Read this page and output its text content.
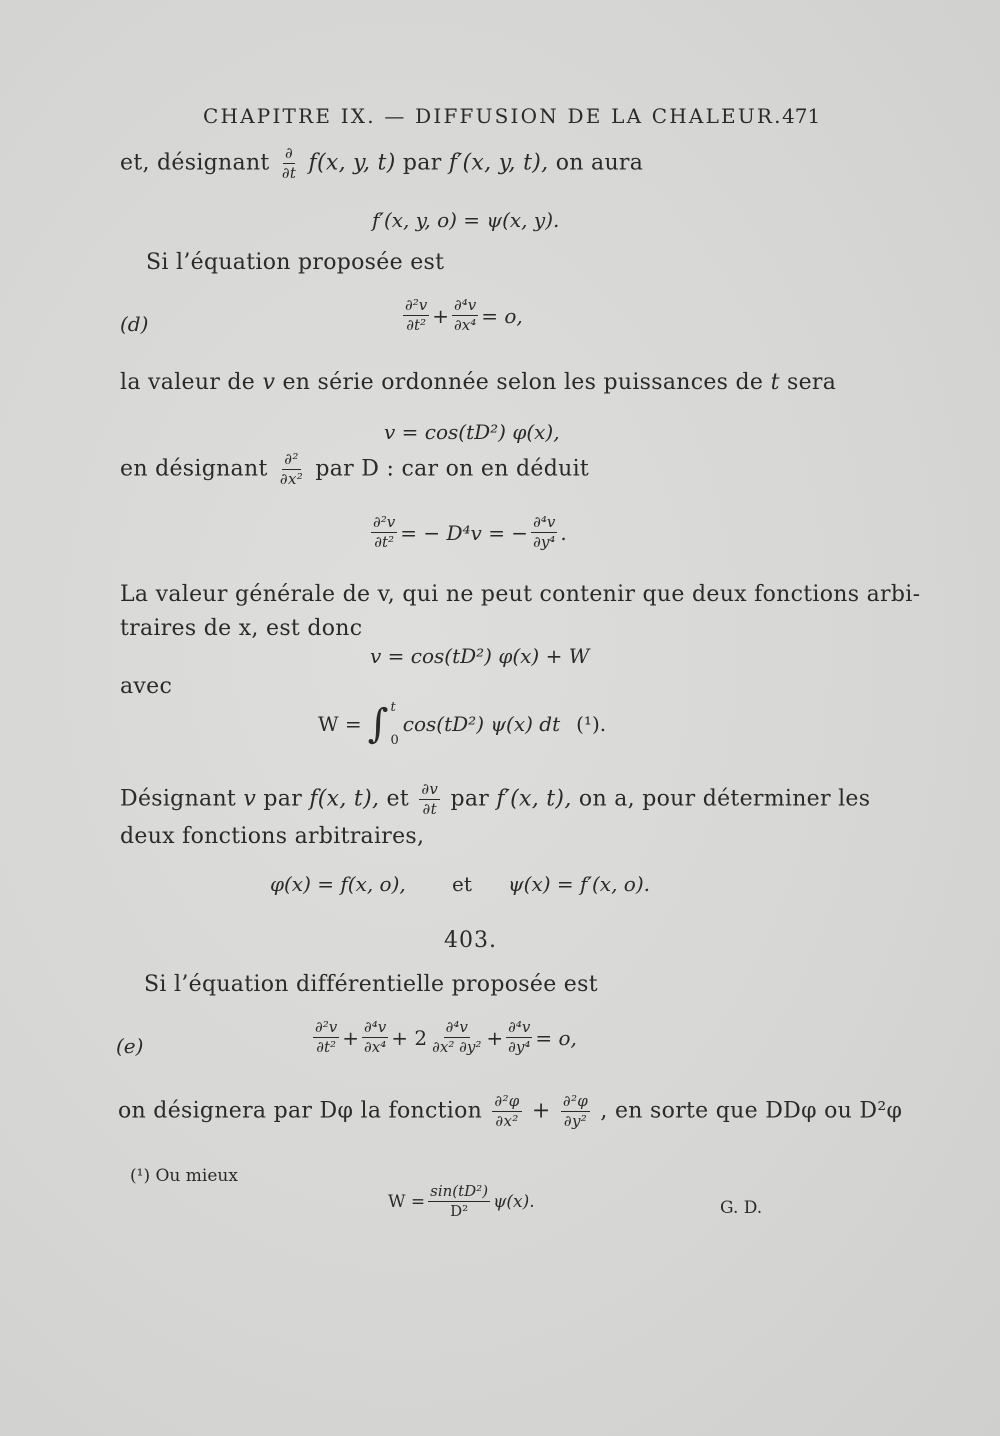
CHAPITRE IX. — DIFFUSION DE LA CHALEUR. 471
et, désignant $\frac{\partial}{\partial t} f(x$, y, t) par f′(x, y, t), on aura
f′(x, y, o) = ψ(x, y).
Si l’équation proposée est
(d)	$\frac{\text{∂²v}}{\text{∂t²}} + \frac{\text{∂⁴v}}{\text{∂x⁴}} = o$,
la valeur de v en série ordonnée selon les puissances de t sera
v = cos(tD²) φ(x),
en désignant $\frac{\text{∂²}}{\text{∂x²}}$ par D : car on en déduit
$\frac{\text{∂²v}}{\text{∂t²}}$ = − D⁴v = − $\frac{\text{∂⁴v}}{\text{∂y⁴}}$ .
La valeur générale de v, qui ne peut contenir que deux fonctions arbi-
traires de x, est donc
v = cos(tD²) φ(x) + W
avec
W = ∫ t
0
cos(tD²) ψ(x) dt (¹).
Désignant v par f(x, t), et $\frac{\partial v}{\partial t}$ par f′(x, t), on a, pour déterminer les
deux fonctions arbitraires,
φ(x) = f(x, o), et ψ(x) = f′(x, o).
403.
Si l’équation différentielle proposée est
(e)	$\frac{\text{∂²v}}{\text{∂t²}} + \frac{\text{∂⁴v}}{\text{∂x⁴}} + 2 \frac{\text{∂⁴v}}{\text{∂x² ∂y²}} + \frac{\text{∂⁴v}}{\text{∂y⁴}} = o$,
on désignera par Dφ la fonction $\frac{\text{∂²φ}}{\text{∂x²}} + \frac{\text{∂²φ}}{\text{∂y²}}$ , en sorte que DDφ ou D²φ
(¹) Ou mieux
$W = \frac{\text{sin(tD²)}}{\text{D²}} \psi(x)$.	G. D.
